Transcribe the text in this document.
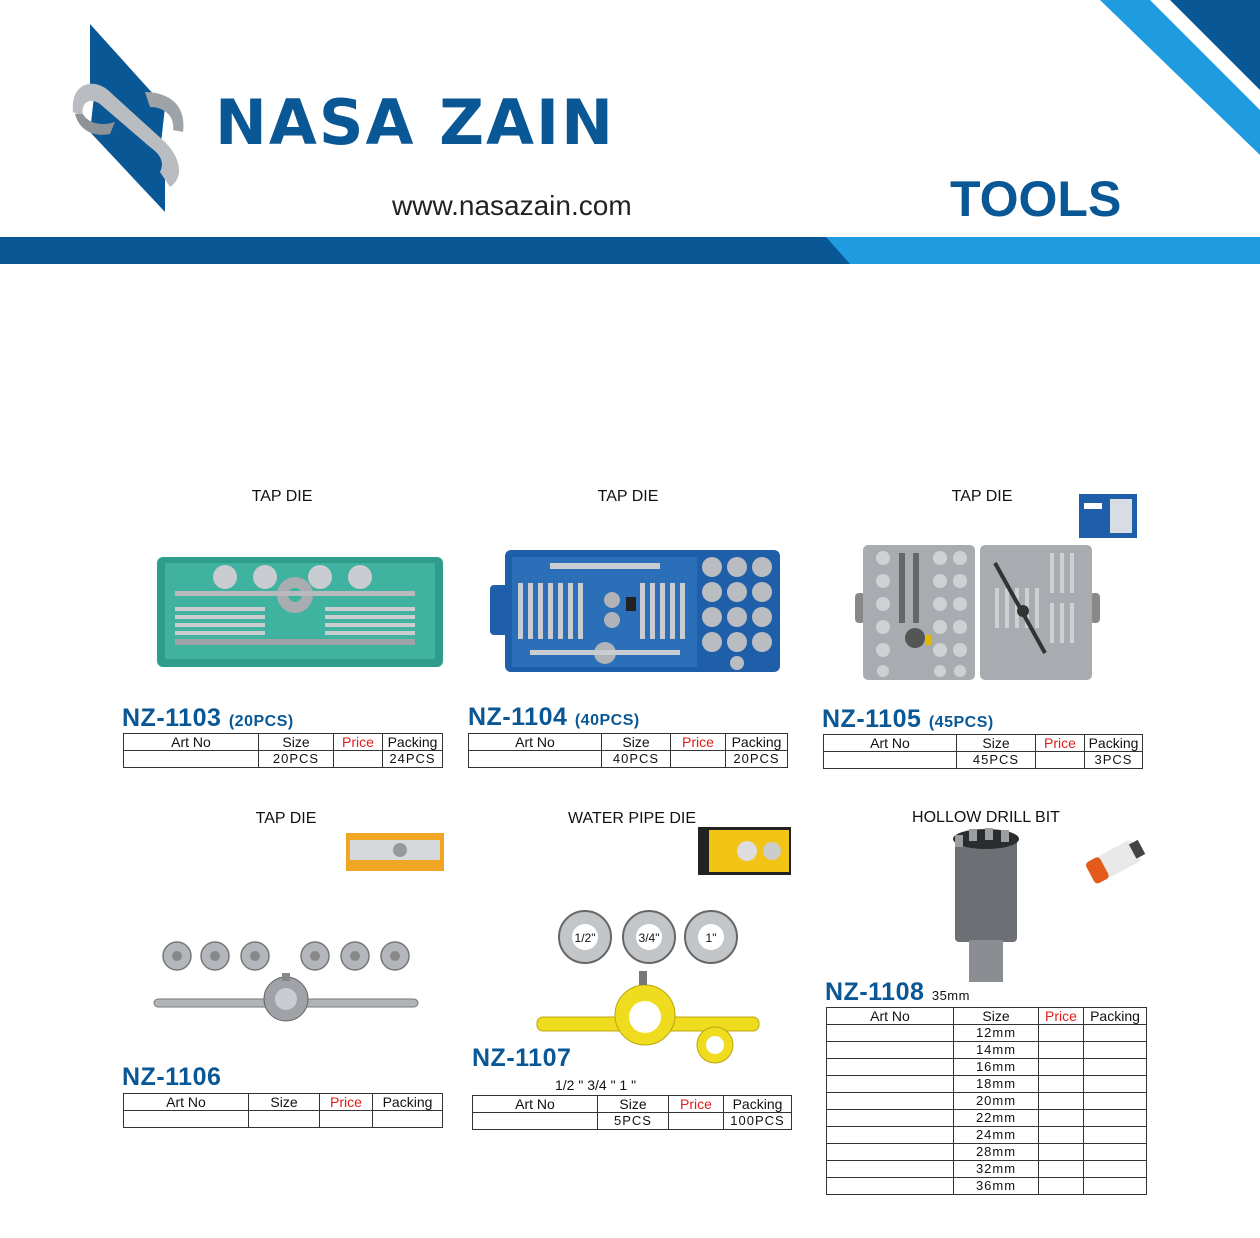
NASA ZAIN
www.nasazain.com	TOOLS
TAP DIE
NZ-1103 (20PCS)
Art No	Size	Price	Packing
	20PCS		24PCS
TAP DIE
NZ-1104 (40PCS)
Art No	Size	Price	Packing
	40PCS		20PCS
TAP DIE
NZ-1105 (45PCS)
Art No	Size	Price	Packing
	45PCS		3PCS
TAP DIE
NZ-1106
Art No	Size	Price	Packing

WATER PIPE DIE
1/2"	3/4"	1"
NZ-1107
1/2 " 3/4 " 1 "
Art No	Size	Price	Packing
	5PCS		100PCS
HOLLOW DRILL BIT
NZ-1108 35mm
Art No	Size	Price	Packing
	12mm		
	14mm		
	16mm		
	18mm		
	20mm		
	22mm		
	24mm		
	28mm		
	32mm		
	36mm		
